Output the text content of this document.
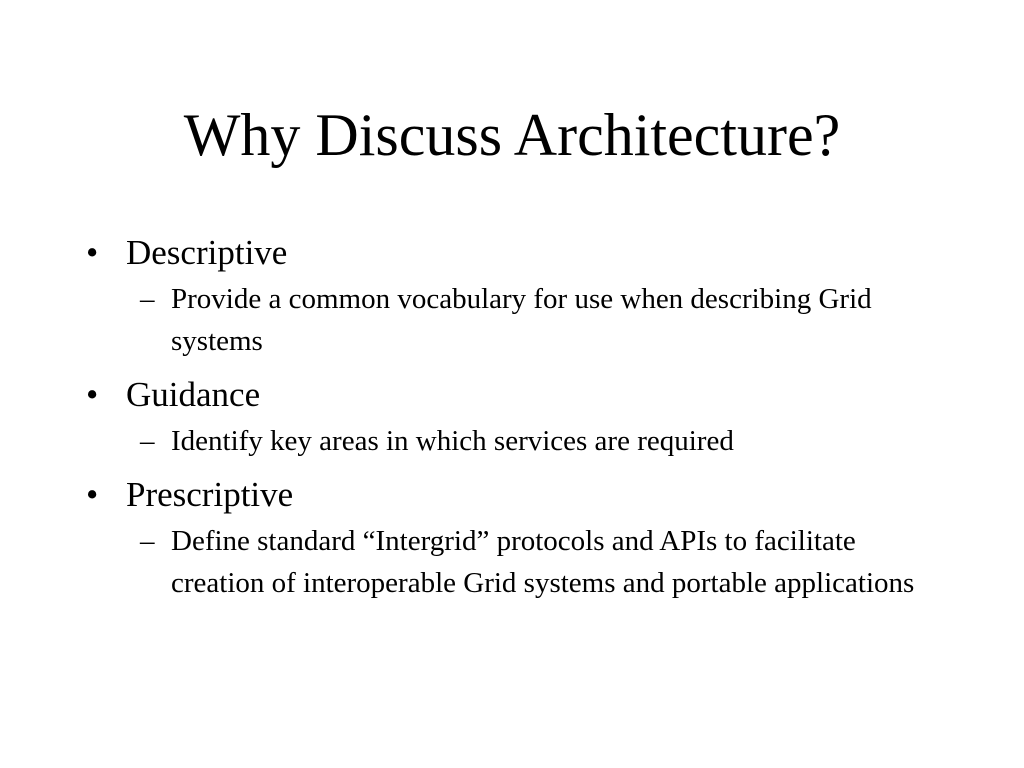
Why Discuss Architecture?
• Descriptive
– Provide a common vocabulary for use when describing Grid systems
• Guidance
– Identify key areas in which services are required
• Prescriptive
– Define standard “Intergrid” protocols and APIs to facilitate creation of interoperable Grid systems and portable applications
